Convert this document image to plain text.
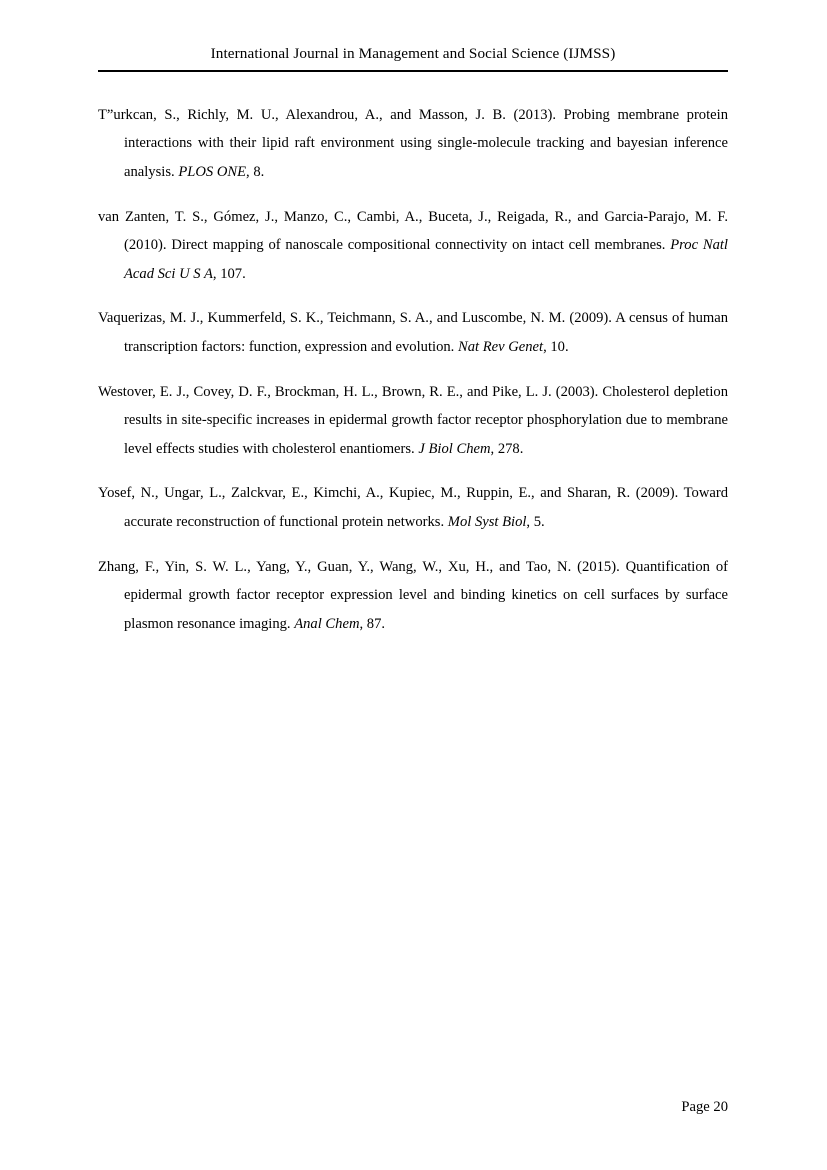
International Journal in Management and Social Science (IJMSS)

T”urkcan, S., Richly, M. U., Alexandrou, A., and Masson, J. B. (2013). Probing membrane protein interactions with their lipid raft environment using single-molecule tracking and bayesian inference analysis. PLOS ONE, 8.

van Zanten, T. S., Gómez, J., Manzo, C., Cambi, A., Buceta, J., Reigada, R., and Garcia-Parajo, M. F. (2010). Direct mapping of nanoscale compositional connectivity on intact cell membranes. Proc Natl Acad Sci U S A, 107.

Vaquerizas, M. J., Kummerfeld, S. K., Teichmann, S. A., and Luscombe, N. M. (2009). A census of human transcription factors: function, expression and evolution. Nat Rev Genet, 10.

Westover, E. J., Covey, D. F., Brockman, H. L., Brown, R. E., and Pike, L. J. (2003). Cholesterol depletion results in site-specific increases in epidermal growth factor receptor phosphorylation due to membrane level effects studies with cholesterol enantiomers. J Biol Chem, 278.

Yosef, N., Ungar, L., Zalckvar, E., Kimchi, A., Kupiec, M., Ruppin, E., and Sharan, R. (2009). Toward accurate reconstruction of functional protein networks. Mol Syst Biol, 5.

Zhang, F., Yin, S. W. L., Yang, Y., Guan, Y., Wang, W., Xu, H., and Tao, N. (2015). Quantification of epidermal growth factor receptor expression level and binding kinetics on cell surfaces by surface plasmon resonance imaging. Anal Chem, 87.

Page 20
